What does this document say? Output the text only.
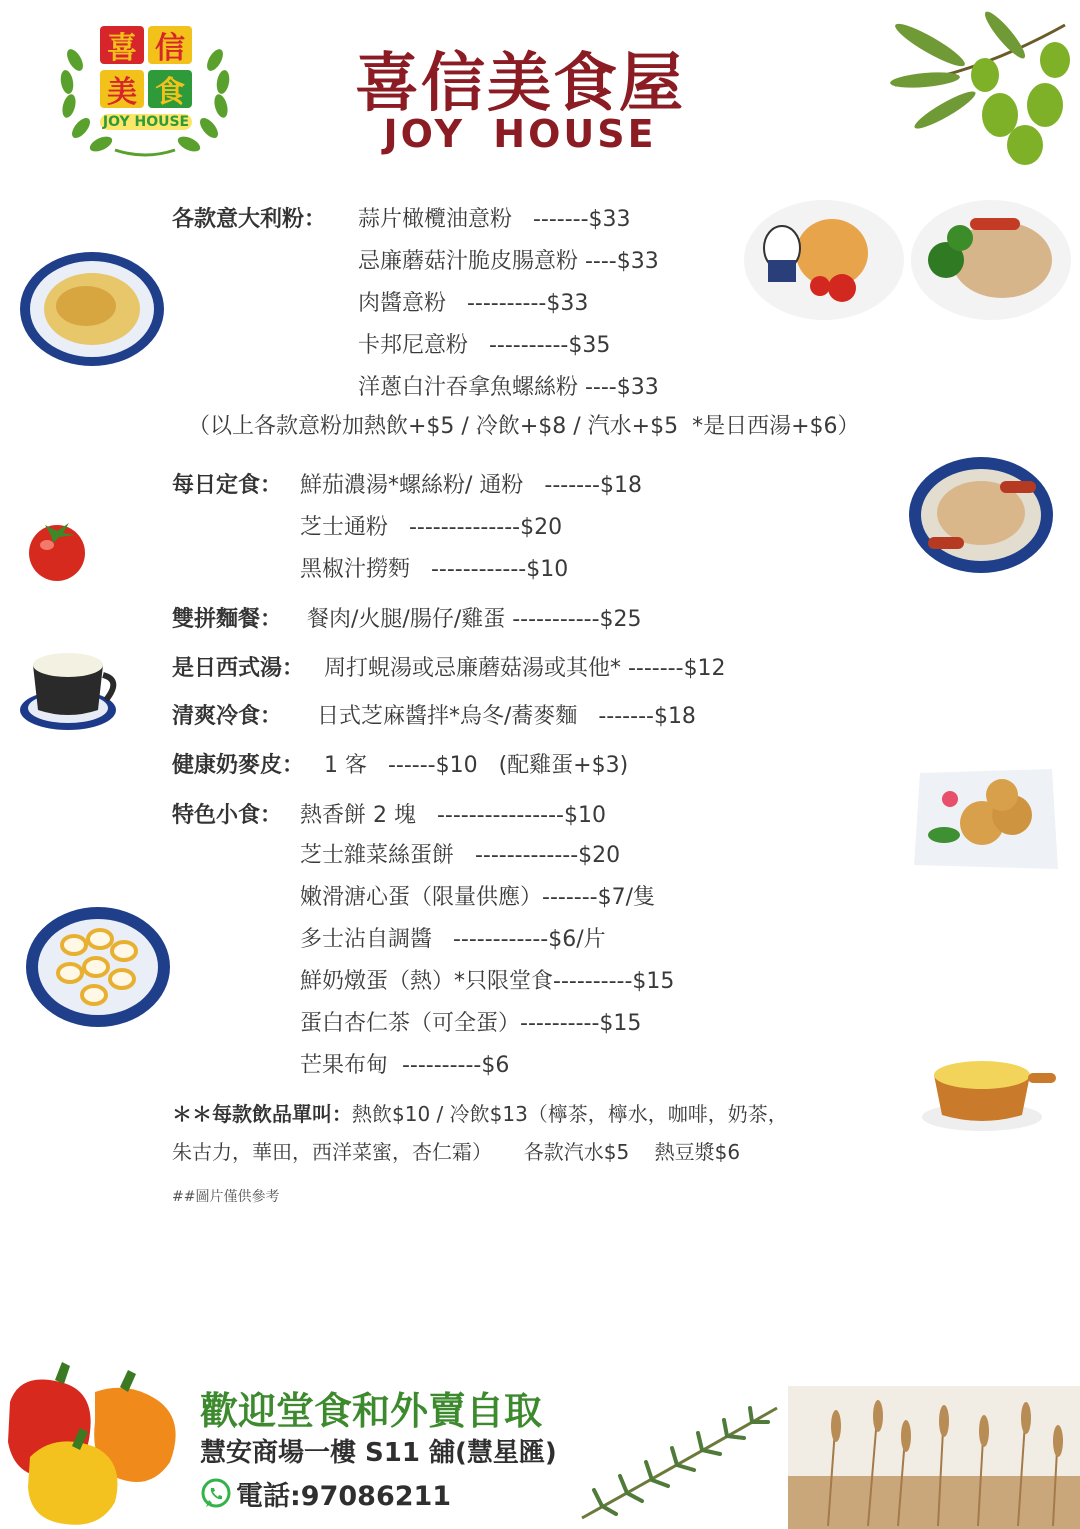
喜 信
美 食
JOY HOUSE
喜信美食屋
JOY HOUSE
各款意大利粉： 蒜片橄欖油意粉   -------$33
忌廉蘑菇汁脆皮腸意粉 ----$33
肉醬意粉   ----------$33
卡邦尼意粉   ----------$35
洋蔥白汁吞拿魚螺絲粉 ----$33
（以上各款意粉加熱飲+$5 / 冷飲+$8 / 汽水+$5  *是日西湯+$6）
每日定食： 鮮茄濃湯*螺絲粉/ 通粉   -------$18
芝士通粉   --------------$20
黑椒汁撈麪   ------------$10
雙拼麵餐： 餐肉/火腿/腸仔/雞蛋 -----------$25
是日西式湯： 周打蜆湯或忌廉蘑菇湯或其他* -------$12
清爽冷食： 日式芝麻醬拌*烏冬/蕎麥麵   -------$18
健康奶麥皮： 1 客   ------$10   (配雞蛋+$3)
特色小食： 熱香餅 2 塊   ----------------$10
芝士雜菜絲蛋餅   -------------$20
嫩滑溏心蛋（限量供應）-------$7/隻
多士沾自調醬   ------------$6/片
鮮奶燉蛋（熱）*只限堂食----------$15
蛋白杏仁茶（可全蛋）----------$15
芒果布甸  ----------$6
＊＊每款飲品單叫：熱飲$10 / 冷飲$13（檸茶，檸水，咖啡，奶茶，
朱古力，華田，西洋菜蜜，杏仁霜）     各款汽水$5    熱豆漿$6
##圖片僅供參考
歡迎堂食和外賣自取
慧安商場一樓 S11 舖(慧星匯)
電話:97086211
